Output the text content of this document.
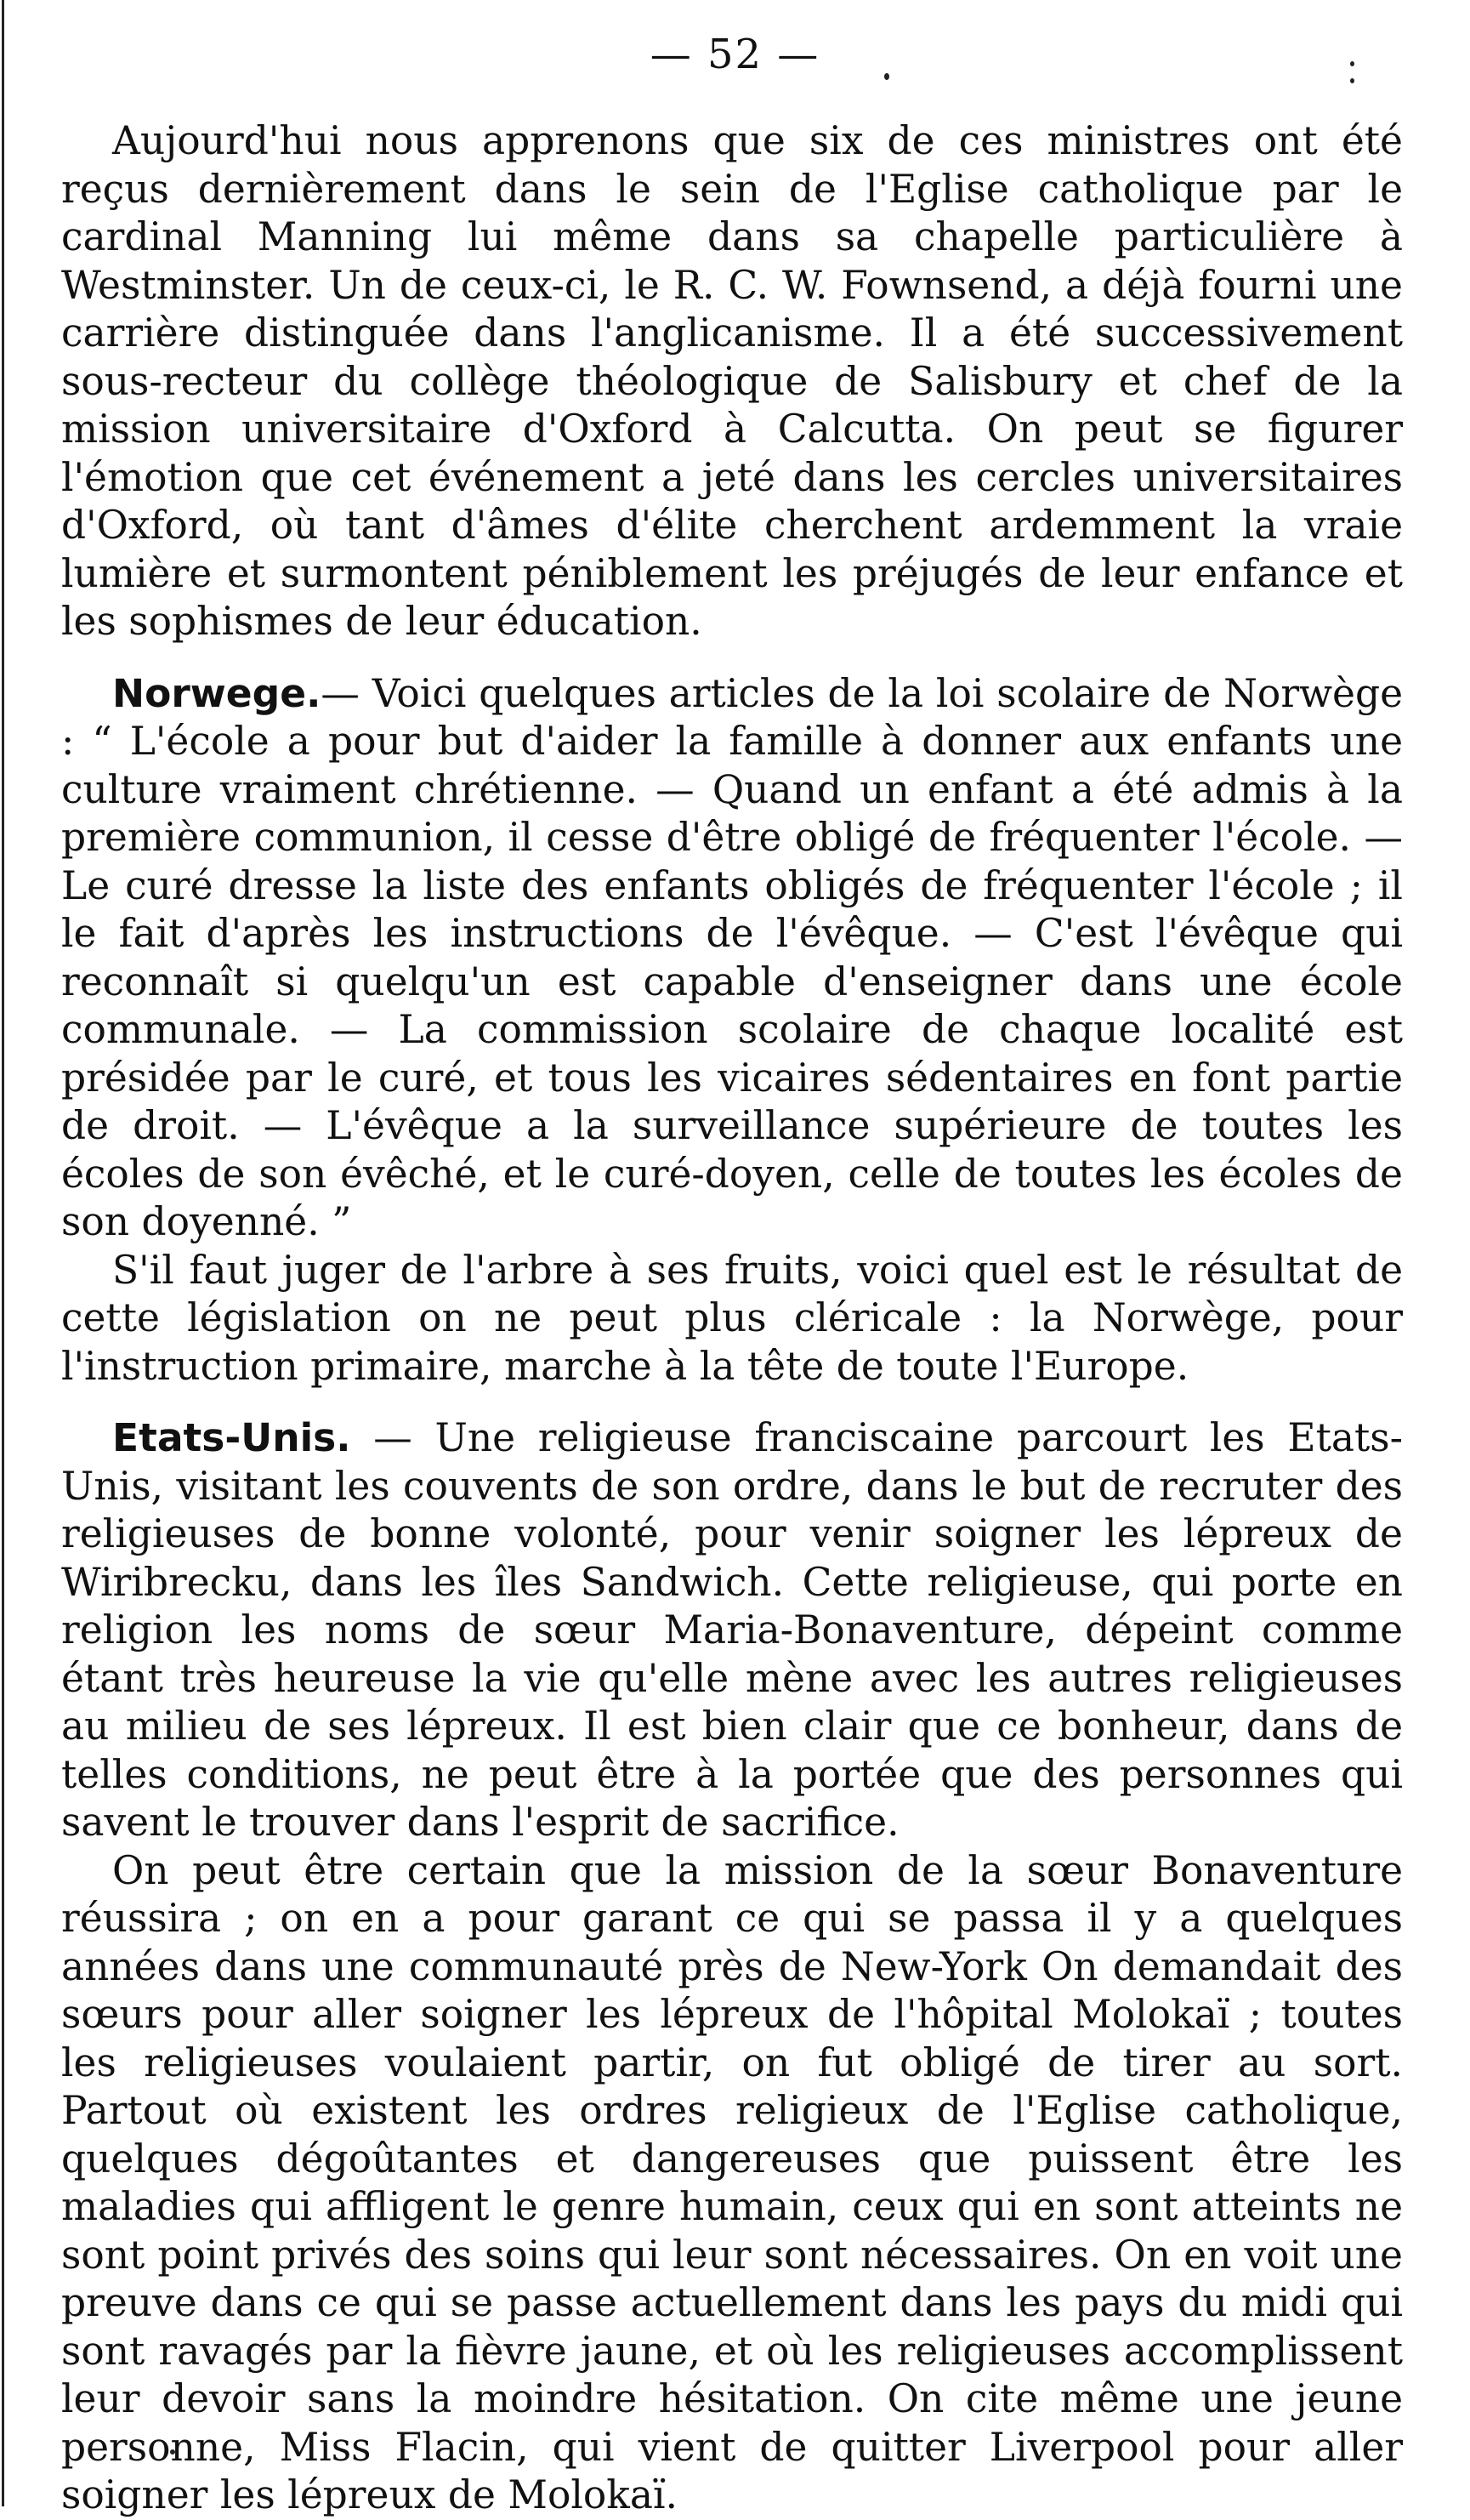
— 52 —

Aujourd'hui nous apprenons que six de ces ministres ont été reçus dernièrement dans le sein de l'Eglise catholique par le cardinal Manning lui même dans sa chapelle particulière à Westminster. Un de ceux-ci, le R. C. W. Fownsend, a déjà fourni une carrière distinguée dans l'anglicanisme. Il a été successivement sous-recteur du collège théologique de Salisbury et chef de la mission universitaire d'Oxford à Calcutta. On peut se figurer l'émotion que cet événement a jeté dans les cercles universitaires d'Oxford, où tant d'âmes d'élite cherchent ardemment la vraie lumière et surmontent péniblement les préjugés de leur enfance et les sophismes de leur éducation.

Norwege.— Voici quelques articles de la loi scolaire de Norwège : “ L'école a pour but d'aider la famille à donner aux enfants une culture vraiment chrétienne. — Quand un enfant a été admis à la première communion, il cesse d'être obligé de fréquenter l'école. — Le curé dresse la liste des enfants obligés de fréquenter l'école ; il le fait d'après les instructions de l'évêque. — C'est l'évêque qui reconnaît si quelqu'un est capable d'enseigner dans une école communale. — La commission scolaire de chaque localité est présidée par le curé, et tous les vicaires sédentaires en font partie de droit. — L'évêque a la surveillance supérieure de toutes les écoles de son évêché, et le curé-doyen, celle de toutes les écoles de son doyenné. ”

S'il faut juger de l'arbre à ses fruits, voici quel est le résultat de cette législation on ne peut plus cléricale : la Norwège, pour l'instruction primaire, marche à la tête de toute l'Europe.

Etats-Unis. — Une religieuse franciscaine parcourt les Etats-Unis, visitant les couvents de son ordre, dans le but de recruter des religieuses de bonne volonté, pour venir soigner les lépreux de Wiribrecku, dans les îles Sandwich. Cette religieuse, qui porte en religion les noms de sœur Maria-Bonaventure, dépeint comme étant très heureuse la vie qu'elle mène avec les autres religieuses au milieu de ses lépreux. Il est bien clair que ce bonheur, dans de telles conditions, ne peut être à la portée que des personnes qui savent le trouver dans l'esprit de sacrifice.

On peut être certain que la mission de la sœur Bonaventure réussira ; on en a pour garant ce qui se passa il y a quelques années dans une communauté près de New-York On demandait des sœurs pour aller soigner les lépreux de l'hôpital Molokaï ; toutes les religieuses voulaient partir, on fut obligé de tirer au sort. Partout où existent les ordres religieux de l'Eglise catholique, quelques dégoûtantes et dangereuses que puissent être les maladies qui affligent le genre humain, ceux qui en sont atteints ne sont point privés des soins qui leur sont nécessaires. On en voit une preuve dans ce qui se passe actuellement dans les pays du midi qui sont ravagés par la fièvre jaune, et où les religieuses accomplissent leur devoir sans la moindre hésitation. On cite même une jeune personne, Miss Flacin, qui vient de quitter Liverpool pour aller soigner les lépreux de Molokaï.
